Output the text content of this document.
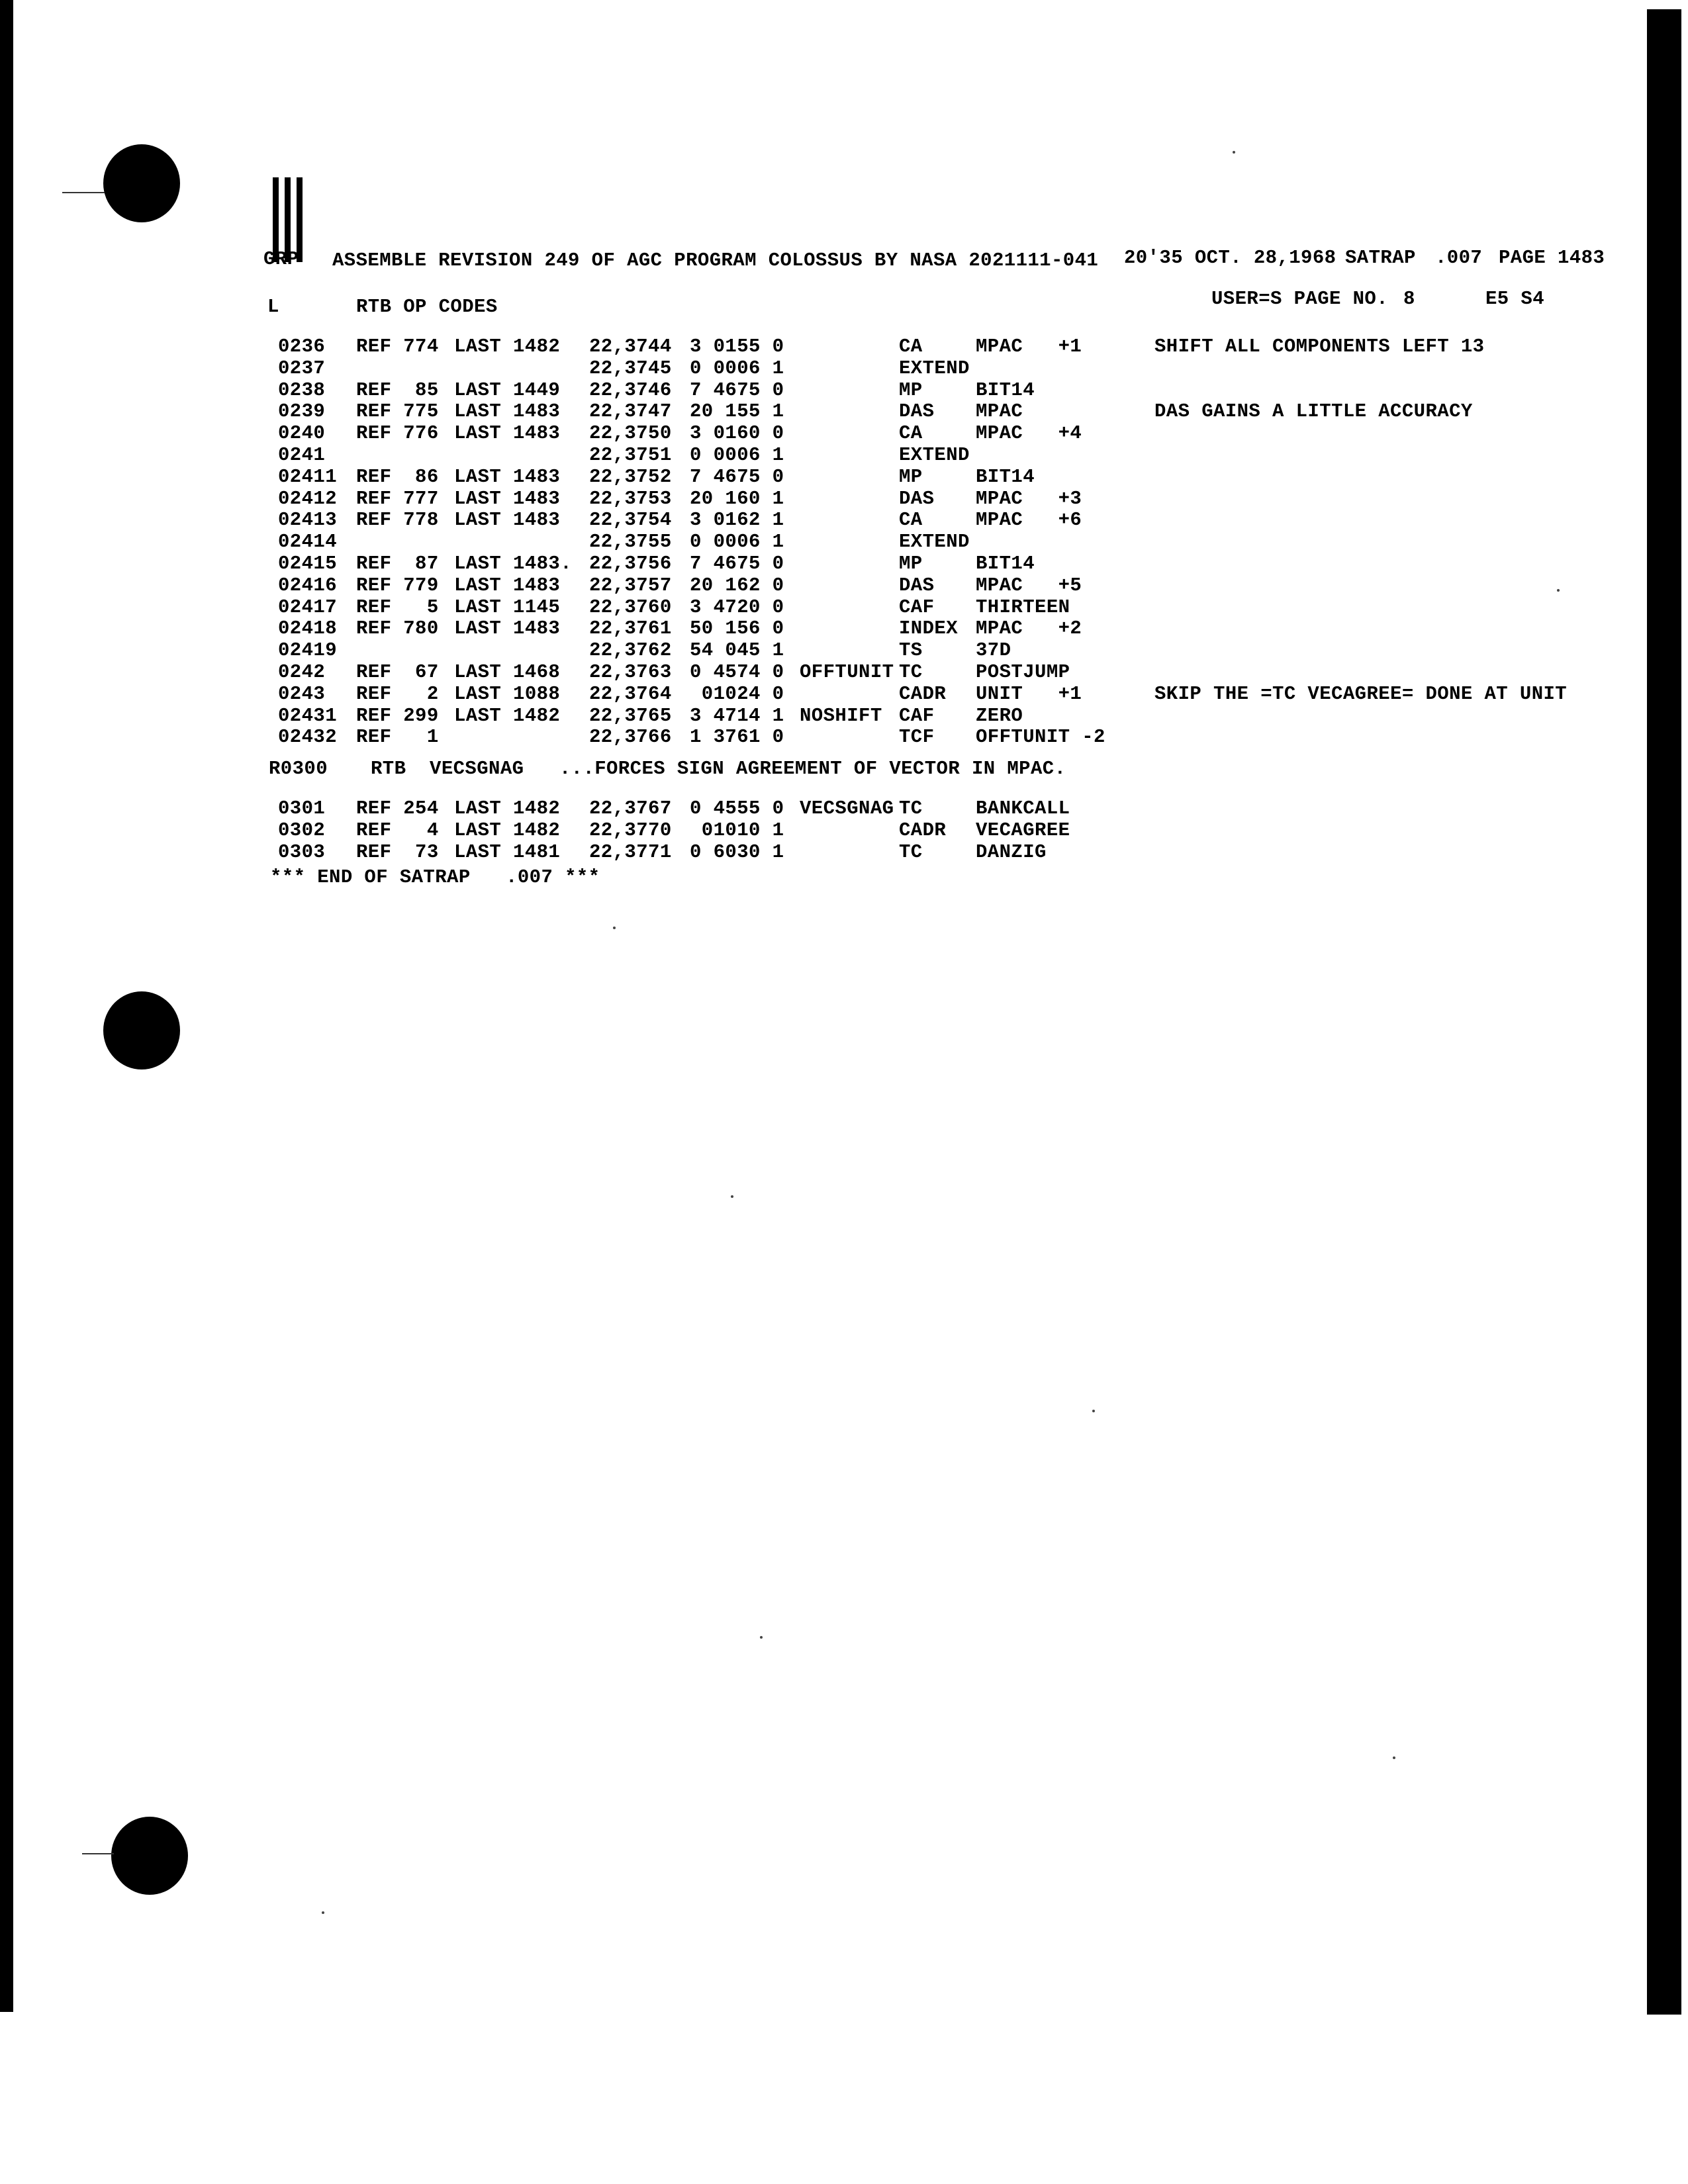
GRP ASSEMBLE REVISION 249 OF AGC PROGRAM COLOSSUS BY NASA 2021111-041 20'35 OCT. 28,1968 SATRAP .007 PAGE 1483
L	RTB OP CODES	USER=S PAGE NO. 8	E5 S4
0236 REF 774 LAST 1482 22,3744 3 0155 0	CA	MPAC   +1	SHIFT ALL COMPONENTS LEFT 13
0237	22,3745 0 0006 1	EXTEND
0238 REF  85 LAST 1449 22,3746 7 4675 0	MP	BIT14
0239 REF 775 LAST 1483 22,3747 20 155 1	DAS MPAC	DAS GAINS A LITTLE ACCURACY
0240 REF 776 LAST 1483 22,3750 3 0160 0	CA	MPAC   +4
0241	22,3751 0 0006 1	EXTEND
02411 REF  86 LAST 1483 22,3752 7 4675 0	MP	BIT14
02412 REF 777 LAST 1483 22,3753 20 160 1	DAS MPAC   +3
02413 REF 778 LAST 1483 22,3754 3 0162 1	CA	MPAC   +6
02414	22,3755 0 0006 1	EXTEND
02415 REF  87 LAST 1483. 22,3756 7 4675 0	MP	BIT14
02416 REF 779 LAST 1483 22,3757 20 162 0	DAS MPAC   +5
02417 REF   5 LAST 1145 22,3760 3 4720 0	CAF THIRTEEN
02418 REF 780 LAST 1483 22,3761 50 156 0	INDEX MPAC   +2
02419	22,3762 54 045 1	TS	37D
0242 REF  67 LAST 1468 22,3763 0 4574 0 OFFTUNIT TC	POSTJUMP
0243 REF   2 LAST 1088 22,3764 01024 0	CADR UNIT   +1	SKIP THE =TC VECAGREE= DONE AT UNIT
02431 REF 299 LAST 1482 22,3765 3 4714 1 NOSHIFT CAF ZERO
02432 REF   1	22,3766 1 3761 0	TCF OFFTUNIT -2
R0300 RTB  VECSGNAG   ...FORCES SIGN AGREEMENT OF VECTOR IN MPAC.
0301 REF 254 LAST 1482 22,3767 0 4555 0 VECSGNAG TC	BANKCALL
0302 REF   4 LAST 1482 22,3770 01010 1	CADR VECAGREE
0303 REF  73 LAST 1481 22,3771 0 6030 1	TC	DANZIG
*** END OF SATRAP   .007 ***
